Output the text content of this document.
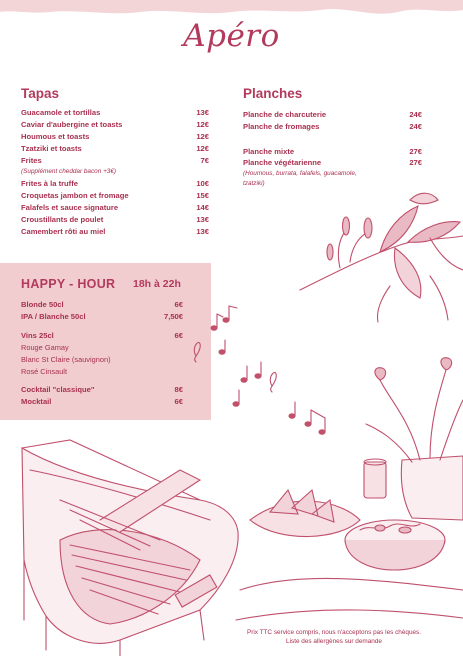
Apéro
Tapas
Guacamole et tortillas	13€
Caviar d'aubergine et toasts	12€
Houmous et toasts	12€
Tzatziki et toasts	12€
Frites	7€
(Supplément cheddar bacon +3€)
Frites à la truffe	10€
Croquetas jambon et fromage	15€
Falafels et sauce signature	14€
Croustillants de poulet	13€
Camembert rôti au miel	13€
Planches
Planche de charcuterie	24€
Planche de fromages	24€
Planche mixte	27€
Planche végétarienne	27€
(Houmous, burrata, falafels, guacamole,
tzatziki)
HAPPY - HOUR 18h à 22h
Blonde 50cl	6€
IPA / Blanche 50cl	7,50€
Vins 25cl	6€
Rouge Gamay
Blanc St Claire (sauvignon)
Rosé Cinsault
Cocktail "classique"	8€
Mocktail	6€
Prix TTC service compris, nous n'acceptons pas les chèques.
Liste des allergènes sur demande
